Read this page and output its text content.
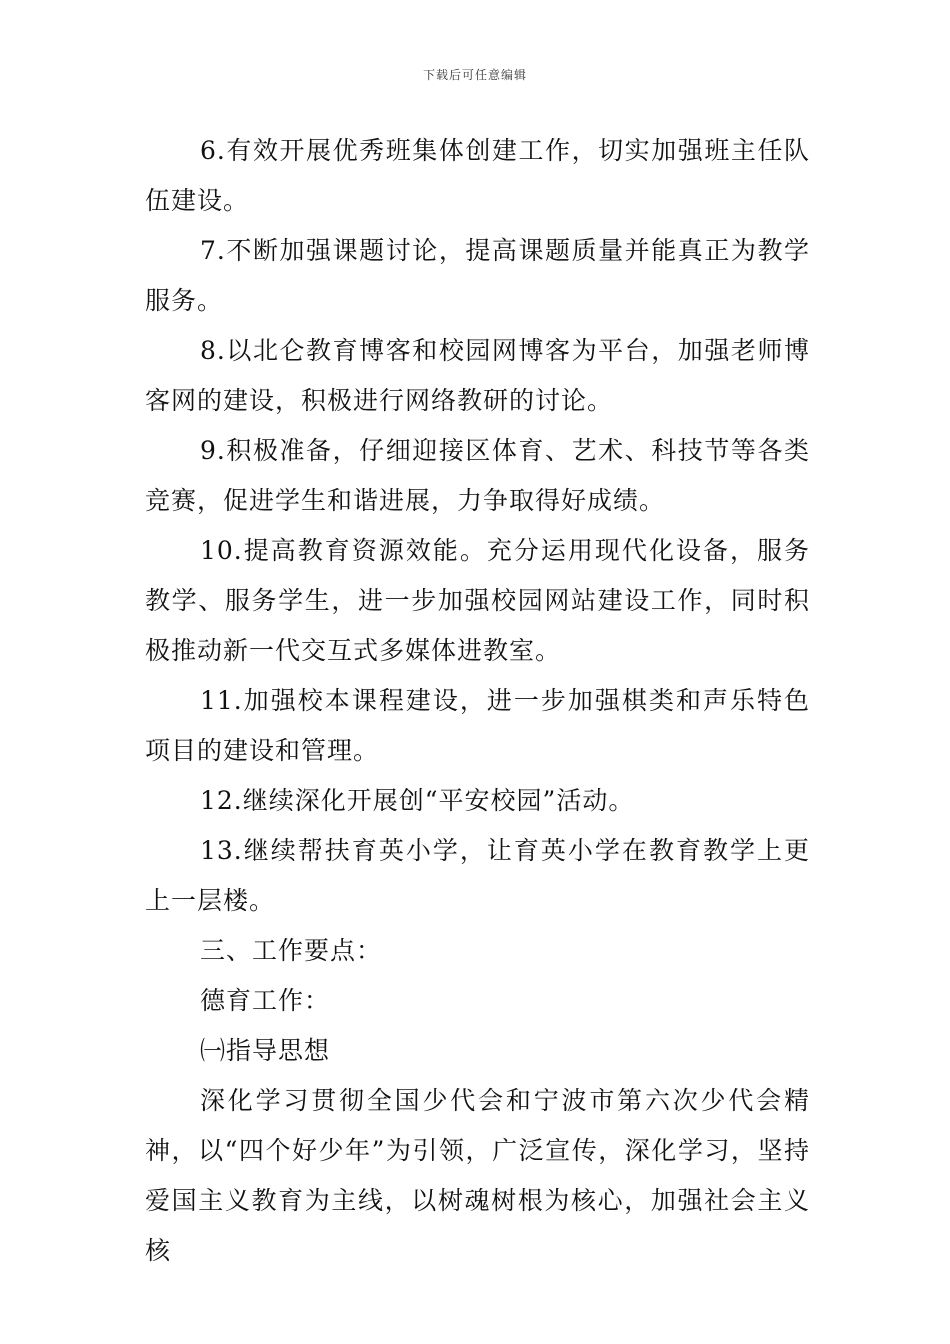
下载后可任意编辑

6.有效开展优秀班集体创建工作，切实加强班主任队伍建设。

7.不断加强课题讨论，提高课题质量并能真正为教学服务。

8.以北仑教育博客和校园网博客为平台，加强老师博客网的建设，积极进行网络教研的讨论。

9.积极准备，仔细迎接区体育、艺术、科技节等各类竞赛，促进学生和谐进展，力争取得好成绩。

10.提高教育资源效能。充分运用现代化设备，服务教学、服务学生，进一步加强校园网站建设工作，同时积极推动新一代交互式多媒体进教室。

11.加强校本课程建设，进一步加强棋类和声乐特色项目的建设和管理。

12.继续深化开展创“平安校园”活动。

13.继续帮扶育英小学，让育英小学在教育教学上更上一层楼。

三、工作要点：

德育工作：

㈠指导思想

深化学习贯彻全国少代会和宁波市第六次少代会精神，以“四个好少年”为引领，广泛宣传，深化学习，坚持爱国主义教育为主线，以树魂树根为核心，加强社会主义核
